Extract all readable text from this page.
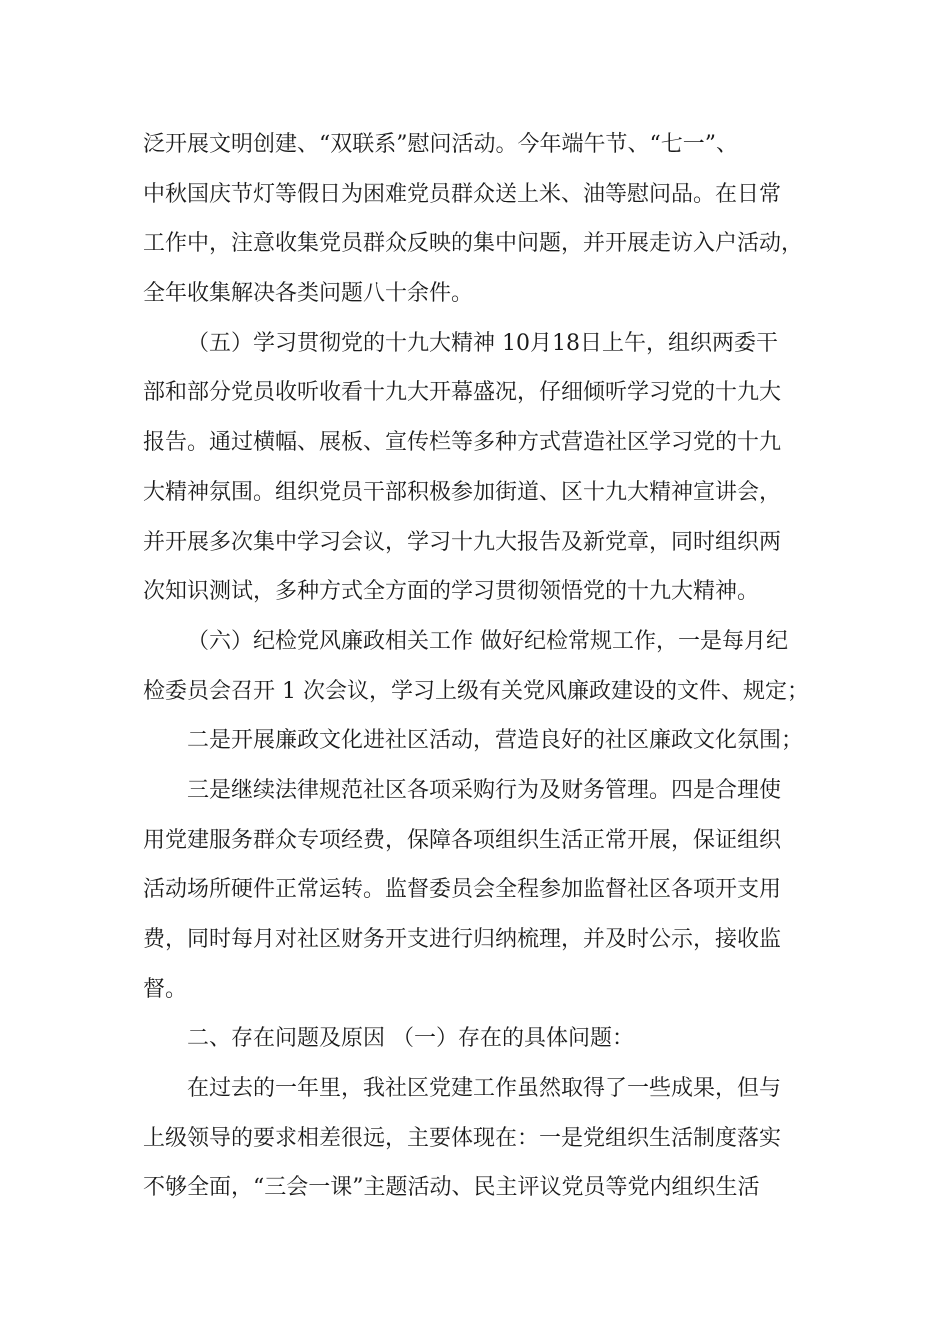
泛开展文明创建、“双联系”慰问活动。今年端午节、“七一”、
中秋国庆节灯等假日为困难党员群众送上米、油等慰问品。在日常
工作中，注意收集党员群众反映的集中问题，并开展走访入户活动，
全年收集解决各类问题八十余件。
（五）学习贯彻党的十九大精神 10月18日上午，组织两委干
部和部分党员收听收看十九大开幕盛况，仔细倾听学习党的十九大
报告。通过横幅、展板、宣传栏等多种方式营造社区学习党的十九
大精神氛围。组织党员干部积极参加街道、区十九大精神宣讲会，
并开展多次集中学习会议，学习十九大报告及新党章，同时组织两
次知识测试，多种方式全方面的学习贯彻领悟党的十九大精神。
（六）纪检党风廉政相关工作 做好纪检常规工作，一是每月纪
检委员会召开 1 次会议，学习上级有关党风廉政建设的文件、规定；
二是开展廉政文化进社区活动，营造良好的社区廉政文化氛围；
三是继续法律规范社区各项采购行为及财务管理。四是合理使
用党建服务群众专项经费，保障各项组织生活正常开展，保证组织
活动场所硬件正常运转。监督委员会全程参加监督社区各项开支用
费，同时每月对社区财务开支进行归纳梳理，并及时公示，接收监
督。
二、存在问题及原因 （一）存在的具体问题：
在过去的一年里，我社区党建工作虽然取得了一些成果，但与
上级领导的要求相差很远，主要体现在：一是党组织生活制度落实
不够全面，“三会一课”主题活动、民主评议党员等党内组织生活
